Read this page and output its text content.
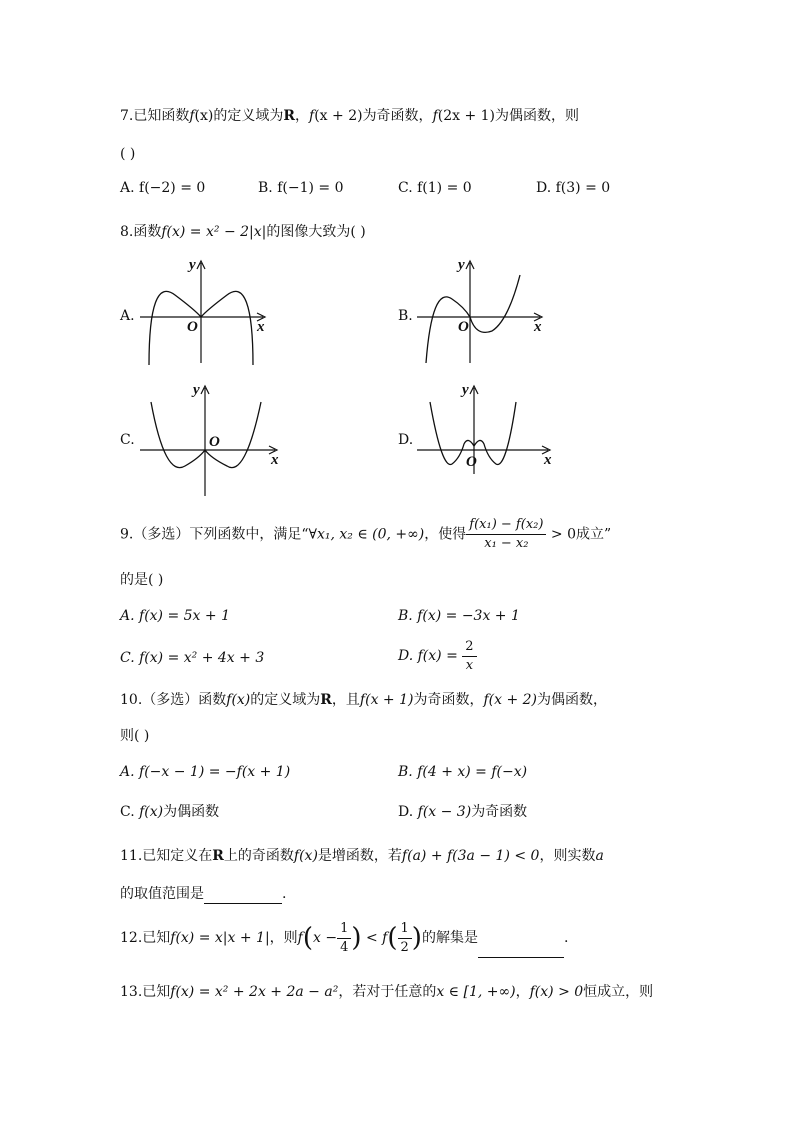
7.已知函数f(x)的定义域为R，f(x + 2)为奇函数，f(2x + 1)为偶函数，则
( )
A. f(−2) = 0	B. f(−1) = 0	C. f(1) = 0	D. f(3) = 0
8.函数f(x) = x² − 2|x|的图像大致为( )
A.	B.
C.	D.
y
x
O
y
x
O
y
x
O
y
x
O
9.（多选）下列函数中，满足“∀x₁, x₂ ∈ (0, +∞)，使得 $\frac{\text{f(x₁) − f(x₂)}}{\text{x₁ − x₂}} > 0$成立”
的是( )
A. f(x) = 5x + 1	B. f(x) = −3x + 1
C. f(x) = x² + 4x + 3	D. $f(x) = \frac{2}{x}$
10.（多选）函数f(x)的定义域为R，且f(x + 1)为奇函数，f(x + 2)为偶函数，
则( )
A. f(−x − 1) = −f(x + 1)	B. f(4 + x) = f(−x)
C. f(x)为偶函数	D. f(x − 3)为奇函数
11.已知定义在R上的奇函数f(x)是增函数，若f(a) + f(3a − 1) < 0，则实数a
的取值范围是	.
12.已知f(x) = x|x + 1|，则$f(x - \frac{1}{4}$ ) < $f( \frac{1}{2}$ )的解集是	.
13.已知f(x) = x² + 2x + 2a − a²，若对于任意的x ∈ [1, +∞)，f(x) > 0恒成立，则
